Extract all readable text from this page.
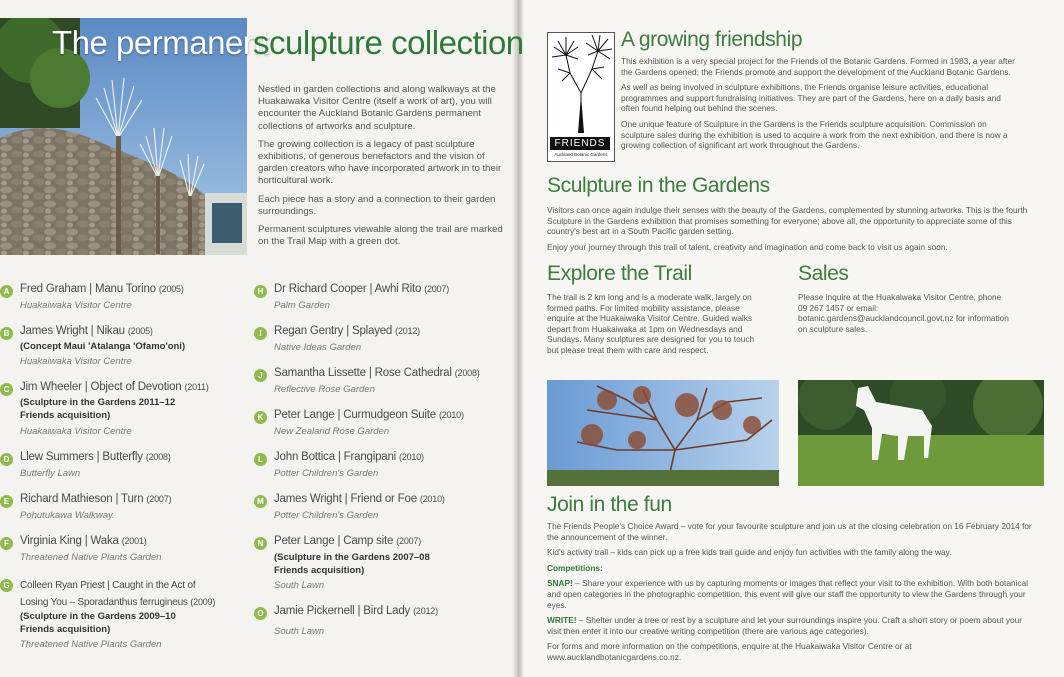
The permanent
sculpture collection

Nestled in garden collections and along walkways at the Huakaiwaka Visitor Centre (itself a work of art), you will encounter the Auckland Botanic Gardens permanent collections of artworks and sculpture.

The growing collection is a legacy of past sculpture exhibitions, of generous benefactors and the vision of garden creators who have incorporated artwork in to their horticultural work.

Each piece has a story and a connection to their garden surroundings.

Permanent sculptures viewable along the trail are marked on the Trail Map with a green dot.

A Fred Graham | Manu Torino (2005)
Huakaiwaka Visitor Centre
B James Wright | Nikau (2005)
(Concept Maui 'Atalanga 'Ofamo'oni)
Huakaiwaka Visitor Centre
C Jim Wheeler | Object of Devotion (2011)
(Sculpture in the Gardens 2011–12
Friends acquisition)
Huakaiwaka Visitor Centre
D Llew Summers | Butterfly (2008)
Butterfly Lawn
E Richard Mathieson | Turn (2007)
Pohutukawa Walkway.
F Virginia King | Waka (2001)
Threatened Native Plants Garden
G	Colleen Ryan Priest | Caught in the Act of
Losing You – Sporadanthus ferrugineus (2009)
(Sculpture in the Gardens 2009–10
Friends acquisition)
Threatened Native Plants Garden
H Dr Richard Cooper | Awhi Rito (2007)
Palm Garden
I	Regan Gentry | Splayed (2012)
Native Ideas Garden
J Samantha Lissette | Rose Cathedral (2008)
Reflective Rose Garden
K Peter Lange | Curmudgeon Suite (2010)
New Zealand Rose Garden
L John Bottica | Frangipani (2010)
Potter Children's Garden
M James Wright | Friend or Foe (2010)
Potter Children's Garden
N Peter Lange | Camp site (2007)
(Sculpture in the Gardens 2007–08
Friends acquisition)
South Lawn
O Jamie Pickernell | Bird Lady (2012)
South Lawn
FRIENDS
Auckland Botanic Gardens
A growing friendship

This exhibition is a very special project for the Friends of the Botanic Gardens. Formed in 1983, a year after the Gardens opened; the Friends promote and support the development of the Auckland Botanic Gardens.

As well as being involved in sculpture exhibitions, the Friends organise leisure activities, educational programmes and support fundraising initiatives. They are part of the Gardens, here on a daily basis and often found helping out behind the scenes.

One unique feature of Sculpture in the Gardens is the Friends sculpture acquisition. Commission on sculpture sales during the exhibition is used to acquire a work from the next exhibition, and there is now a growing collection of significant art work throughout the Gardens.

Sculpture in the Gardens

Visitors can once again indulge their senses with the beauty of the Gardens, complemented by stunning artworks. This is the fourth Sculpture in the Gardens exhibition that promises something for everyone; above all, the opportunity to appreciate some of this country's best art in a South Pacific garden setting.

Enjoy your journey through this trail of talent, creativity and imagination and come back to visit us again soon.

Explore the Trail
The trail is 2 km long and is a moderate walk, largely on formed paths. For limited mobility assistance, please enquire at the Huakaiwaka Visitor Centre. Guided walks depart from Huakaiwaka at 1pm on Wednesdays and Sundays. Many sculptures are designed for you to touch but please treat them with care and respect.
Sales
Please inquire at the Huakaiwaka Visitor Centre, phone 09 267 1457 or email: botanic.gardens@aucklandcouncil.govt.nz for information on sculpture sales.
Join in the fun

The Friends People's Choice Award – vote for your favourite sculpture and join us at the closing celebration on 16 February 2014 for the announcement of the winner.

Kid's activity trail – kids can pick up a free kids trail guide and enjoy fun activities with the family along the way.

Competitions:

SNAP! – Share your experience with us by capturing moments or images that reflect your visit to the exhibition. With both botanical and open categories in the photographic competition, this event will give our staff the opportunity to view the Gardens through your eyes.

WRITE! – Shelter under a tree or rest by a sculpture and let your surroundings inspire you. Craft a short story or poem about your visit then enter it into our creative writing competition (there are various age categories).

For forms and more information on the competitions, enquire at the Huakaiwaka Visitor Centre or at www.aucklandbotanicgardens.co.nz.
